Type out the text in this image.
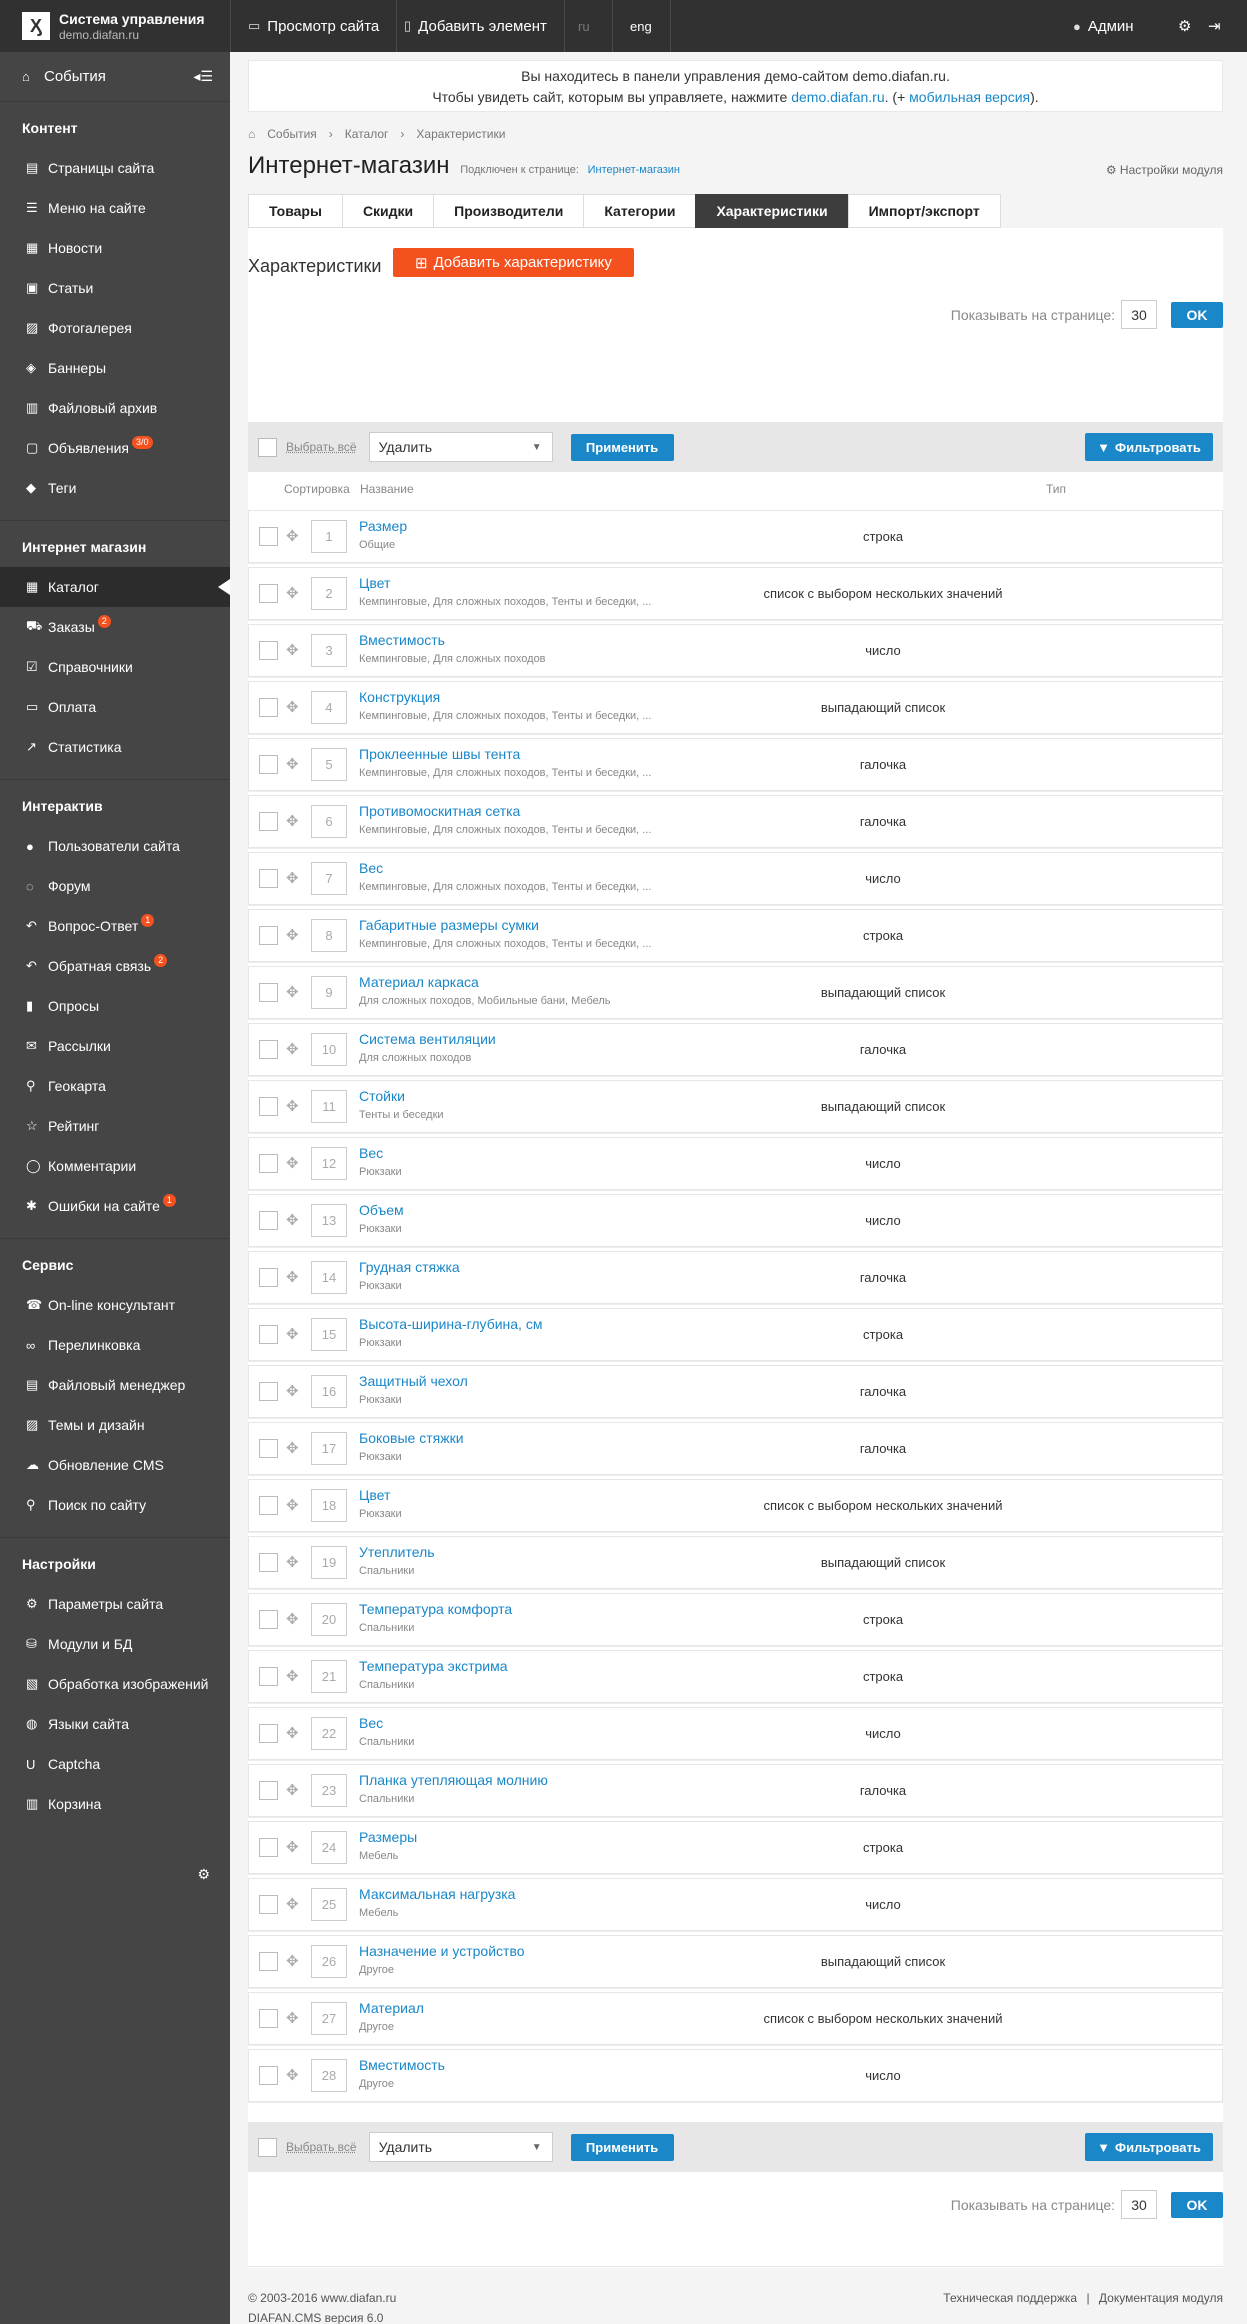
Ӽ	Система управления
demo.diafan.ru
▭ Просмотр сайта ▯ Добавить элемент	ru	eng	● Админ	⚙	⇥
⌂ События	◂☰
Контент
▤ Страницы сайта
☰ Меню на сайте
▦ Новости
▣ Статьи
▨ Фотогалерея
◈ Баннеры
▥ Файловый архив
▢ Объявления 3/0
◆ Теги
Интернет магазин
▦ Каталог
⛟ Заказы 2
☑ Справочники
▭ Оплата
↗ Статистика
Интерактив
●	Пользователи сайта
◌	Форум
↶ Вопрос-Ответ 1
↶ Обратная связь 2
▮	Опросы
✉ Рассылки
⚲ Геокарта
☆ Рейтинг
◯ Комментарии
✱ Ошибки на сайте 1
Сервис
☎ On-line консультант
∞ Перелинковка
▤ Файловый менеджер
▨ Темы и дизайн
☁ Обновление CMS
⚲ Поиск по сайту
Настройки
⚙ Параметры сайта
⛁ Модули и БД
▧ Обработка изображений
◍ Языки сайта
U Captcha
▥ Корзина
⚙
Вы находитесь в панели управления демо-сайтом demo.diafan.ru.
Чтобы увидеть сайт, которым вы управляете, нажмите demo.diafan.ru. (+ мобильная версия).
⌂ События › Каталог › Характеристики
Интернет-магазин Подключен к странице: Интернет-магазин	⚙ Настройки модуля
Товары	Скидки	Производители	Категории	Характеристики	Импорт/экспорт
Характеристики ⊞ Добавить характеристику
Показывать на странице:	30	OK
Выбрать всё Удалить	▼	Применить	▼ Фильтровать
Сортировка Название	Тип
✥	1
Размер
Общие
строка
✥	2
Цвет
Кемпинговые, Для сложных походов, Тенты и беседки, ...
список с выбором нескольких значений
✥	3
Вместимость
Кемпинговые, Для сложных походов
число
✥	4
Конструкция
Кемпинговые, Для сложных походов, Тенты и беседки, ...
выпадающий список
✥	5
Проклеенные швы тента
Кемпинговые, Для сложных походов, Тенты и беседки, ...
галочка
✥	6
Противомоскитная сетка
Кемпинговые, Для сложных походов, Тенты и беседки, ...
галочка
✥	7
Вес
Кемпинговые, Для сложных походов, Тенты и беседки, ...
число
✥	8
Габаритные размеры сумки
Кемпинговые, Для сложных походов, Тенты и беседки, ...
строка
✥	9
Материал каркаса
Для сложных походов, Мобильные бани, Мебель
выпадающий список
✥	10
Система вентиляции
Для сложных походов
галочка
✥	11
Стойки
Тенты и беседки
выпадающий список
✥	12
Вес
Рюкзаки
число
✥	13
Объем
Рюкзаки
число
✥	14
Грудная стяжка
Рюкзаки
галочка
✥	15
Высота-ширина-глубина, см
Рюкзаки
строка
✥	16
Защитный чехол
Рюкзаки
галочка
✥	17
Боковые стяжки
Рюкзаки
галочка
✥	18
Цвет
Рюкзаки
список с выбором нескольких значений
✥	19
Утеплитель
Спальники
выпадающий список
✥	20
Температура комфорта
Спальники
строка
✥	21
Температура экстрима
Спальники
строка
✥	22
Вес
Спальники
число
✥	23
Планка утепляющая молнию
Спальники
галочка
✥	24
Размеры
Мебель
строка
✥	25
Максимальная нагрузка
Мебель
число
✥	26
Назначение и устройство
Другое
выпадающий список
✥	27
Материал
Другое
список с выбором нескольких значений
✥	28
Вместимость
Другое
число
Выбрать всё Удалить	▼	Применить	▼ Фильтровать
Показывать на странице:	30	OK
© 2003-2016 www.diafan.ru
DIAFAN.CMS версия 6.0
Техническая поддержка | Документация модуля
